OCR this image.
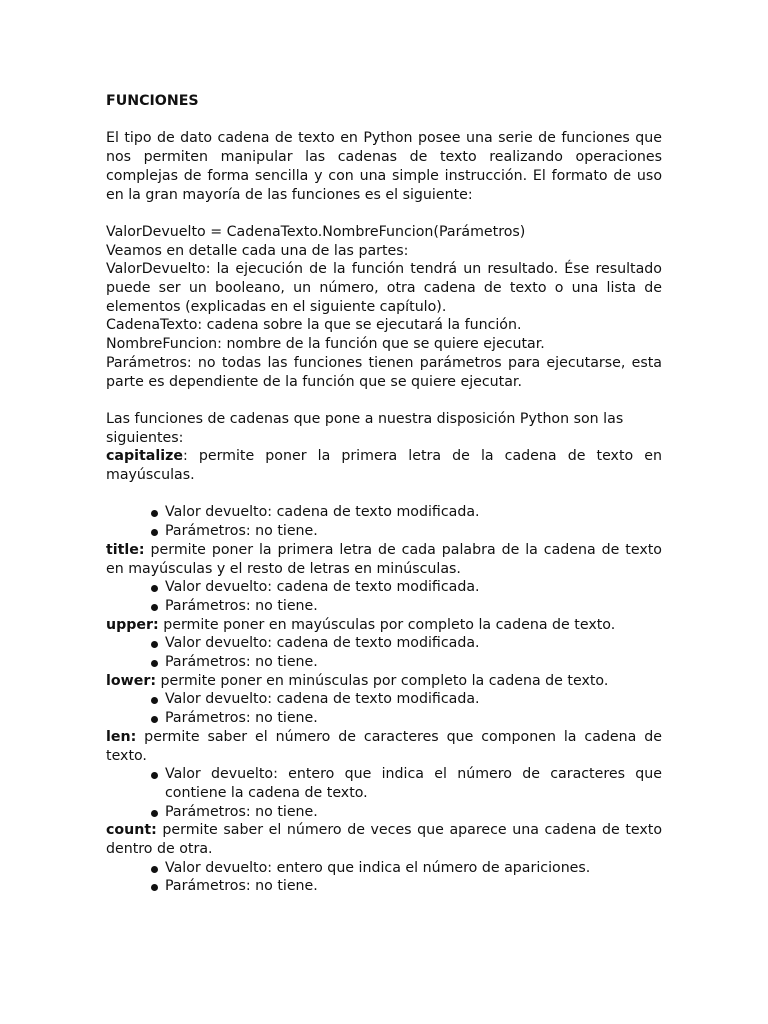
FUNCIONES

El tipo de dato cadena de texto en Python posee una serie de funciones que nos permiten manipular las cadenas de texto realizando operaciones complejas de forma sencilla y con una simple instrucción. El formato de uso en la gran mayoría de las funciones es el siguiente:

ValorDevuelto = CadenaTexto.NombreFuncion(Parámetros)

Veamos en detalle cada una de las partes:

ValorDevuelto: la ejecución de la función tendrá un resultado. Ése resultado puede ser un booleano, un número, otra cadena de texto o una lista de elementos (explicadas en el siguiente capítulo).

CadenaTexto: cadena sobre la que se ejecutará la función.

NombreFuncion: nombre de la función que se quiere ejecutar.

Parámetros: no todas las funciones tienen parámetros para ejecutarse, esta parte es dependiente de la función que se quiere ejecutar.

Las funciones de cadenas que pone a nuestra disposición Python son las siguientes:

capitalize: permite poner la primera letra de la cadena de texto en mayúsculas.

Valor devuelto: cadena de texto modificada.
Parámetros: no tiene.

title: permite poner la primera letra de cada palabra de la cadena de texto en mayúsculas y el resto de letras en minúsculas.

Valor devuelto: cadena de texto modificada.
Parámetros: no tiene.

upper: permite poner en mayúsculas por completo la cadena de texto.

Valor devuelto: cadena de texto modificada.
Parámetros: no tiene.

lower: permite poner en minúsculas por completo la cadena de texto.

Valor devuelto: cadena de texto modificada.
Parámetros: no tiene.

len: permite saber el número de caracteres que componen la cadena de texto.

Valor devuelto: entero que indica el número de caracteres que contiene la cadena de texto.
Parámetros: no tiene.

count: permite saber el número de veces que aparece una cadena de texto dentro de otra.

Valor devuelto: entero que indica el número de apariciones.
Parámetros: no tiene.
